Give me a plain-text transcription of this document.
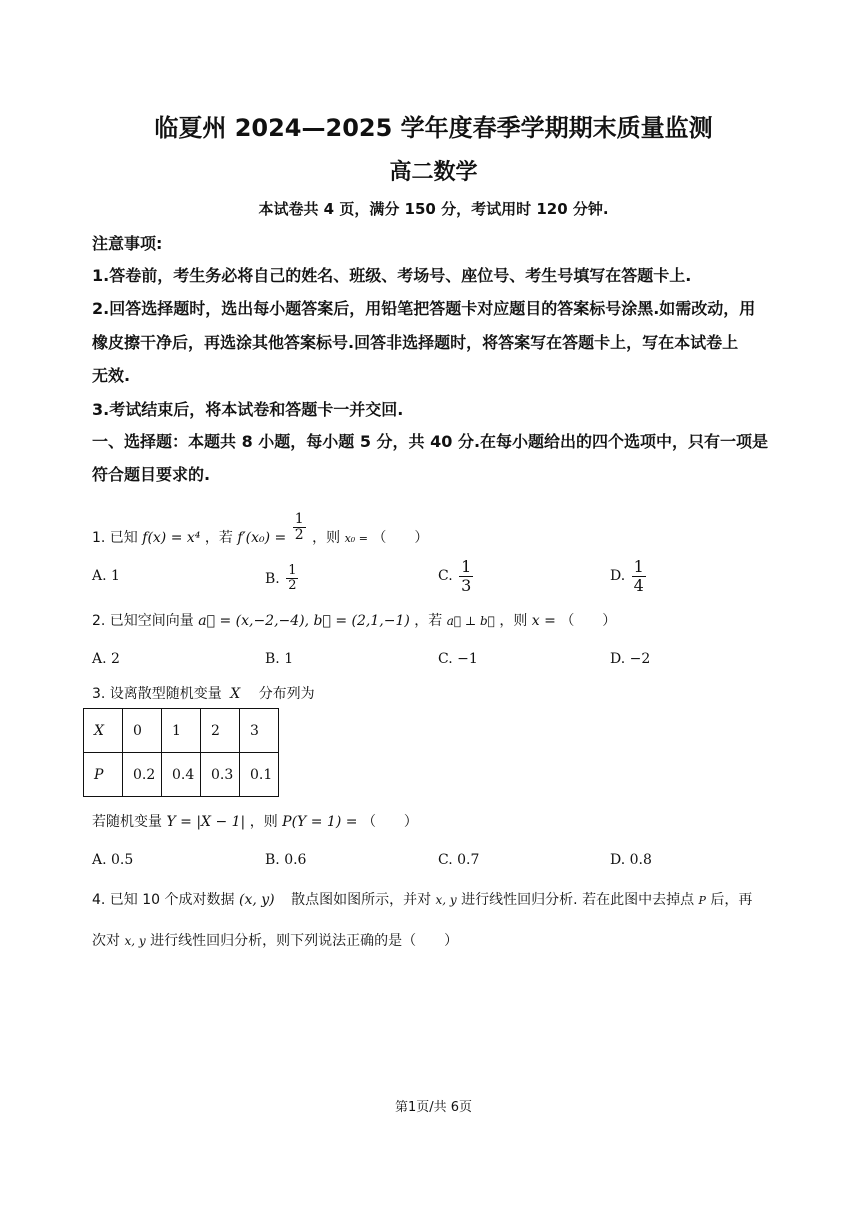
临夏州 2024—2025 学年度春季学期期末质量监测
高二数学
本试卷共 4 页，满分 150 分，考试用时 120 分钟.
注意事项:
1.答卷前，考生务必将自己的姓名、班级、考场号、座位号、考生号填写在答题卡上.
2.回答选择题时，选出每小题答案后，用铅笔把答题卡对应题目的答案标号涂黑.如需改动，用
橡皮擦干净后，再选涂其他答案标号.回答非选择题时，将答案写在答题卡上，写在本试卷上
无效.
3.考试结束后，将本试卷和答题卡一并交回.
一、选择题：本题共 8 小题，每小题 5 分，共 40 分.在每小题给出的四个选项中，只有一项是
符合题目要求的.
1. 已知 f(x) = x⁴ ，若 $f'(x_0) = \frac{1}{2}$ ，则 x₀ = （　　）
A. 1	B. $\frac{1}{2}$	C. $\frac{1}{3}$	D. $\frac{1}{4}$
2. 已知空间向量 a⃗ = (x,−2,−4), b⃗ = (2,1,−1) ，若 a⃗ ⊥ b⃗ ，则 x = （　　）
A. 2	B. 1	C. −1	D. −2
3. 设离散型随机变量 X 分布列为
X	0	1	2	3
P	0.2	0.4	0.3	0.1
若随机变量 Y = |X − 1| ，则 P(Y = 1) = （　　）
A. 0.5	B. 0.6	C. 0.7	D. 0.8
4. 已知 10 个成对数据 (x, y) 散点图如图所示，并对 x, y 进行线性回归分析. 若在此图中去掉点 P 后，再
次对 x, y 进行线性回归分析，则下列说法正确的是（　　）
第1页/共 6页
